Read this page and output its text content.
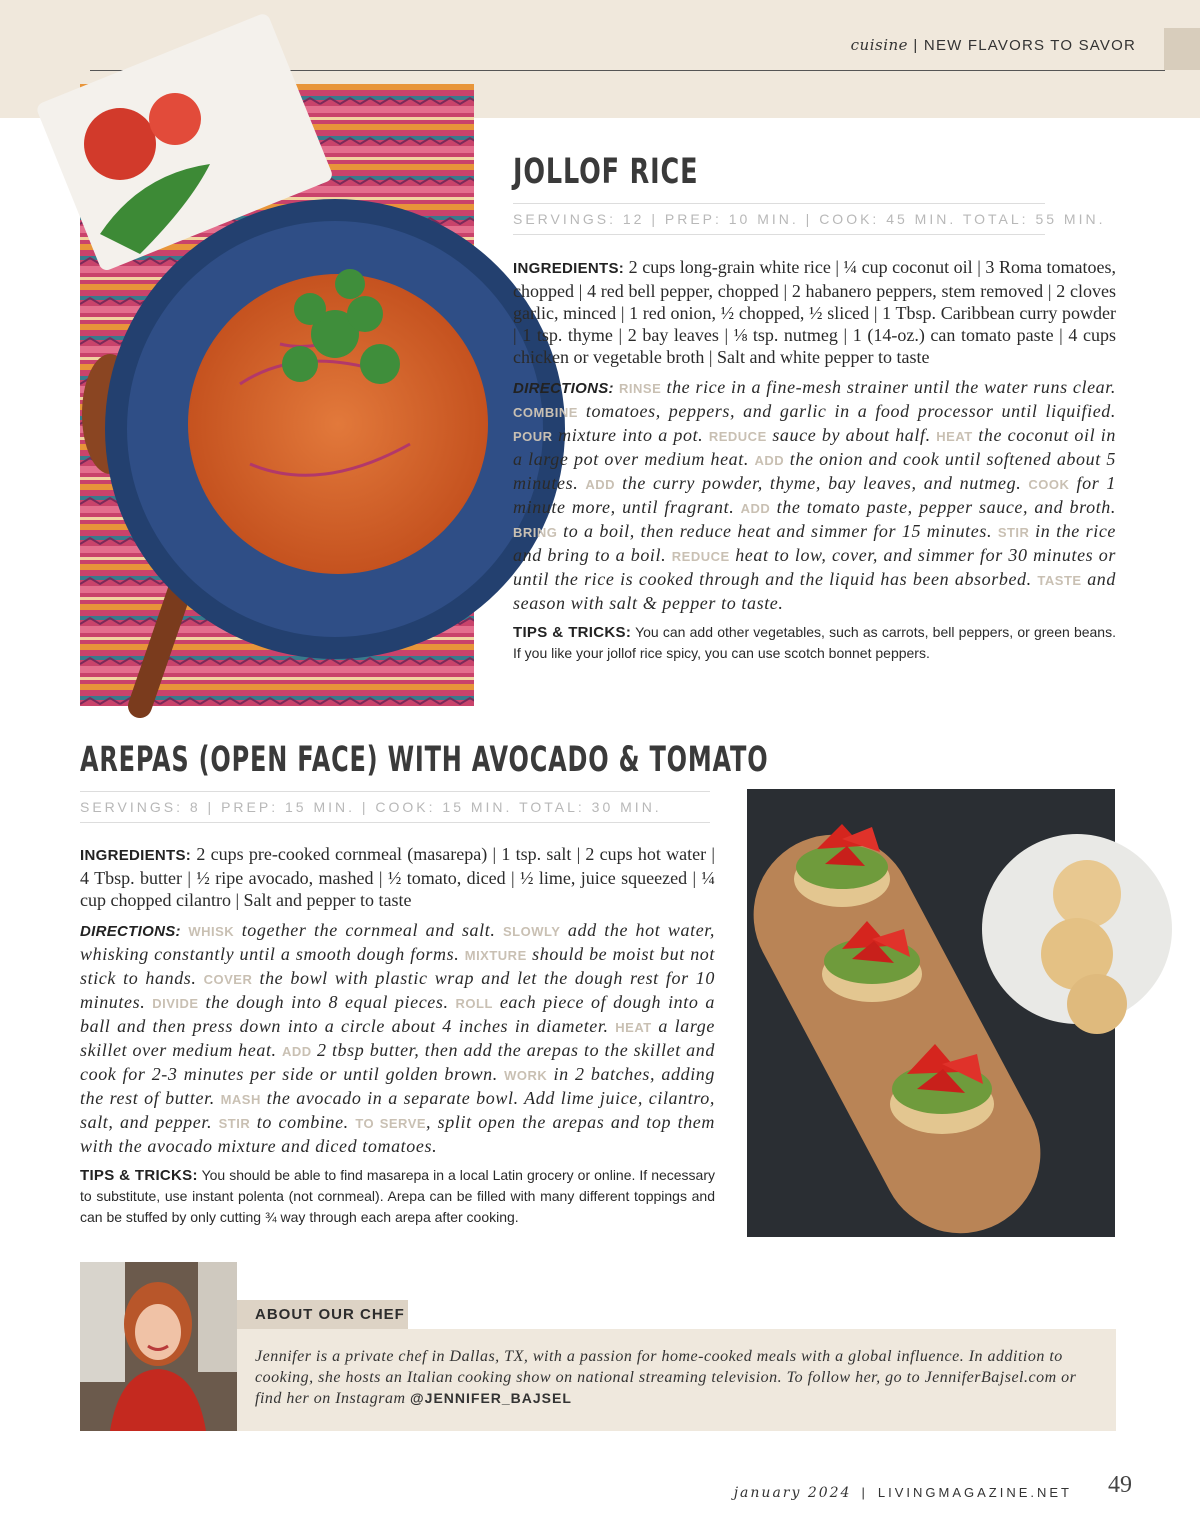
cuisine | NEW FLAVORS TO SAVOR
JOLLOF RICE
SERVINGS: 12 | PREP: 10 MIN. | COOK: 45 MIN. TOTAL: 55 MIN.

INGREDIENTS: 2 cups long-grain white rice | ¼ cup coconut oil | 3 Roma tomatoes, chopped | 4 red bell pepper, chopped | 2 habanero peppers, stem removed | 2 cloves garlic, minced | 1 red onion, ½ chopped, ½ sliced | 1 Tbsp. Caribbean curry powder | 1 tsp. thyme | 2 bay leaves | ⅛ tsp. nutmeg | 1 (14-oz.) can tomato paste | 4 cups chicken or vegetable broth | Salt and white pepper to taste

DIRECTIONS: RINSE the rice in a fine-mesh strainer until the water runs clear. COMBINE tomatoes, peppers, and garlic in a food processor until liquified. POUR mixture into a pot. REDUCE sauce by about half. HEAT the coconut oil in a large pot over medium heat. ADD the onion and cook until softened about 5 minutes. ADD the curry powder, thyme, bay leaves, and nutmeg. COOK for 1 minute more, until fragrant. ADD the tomato paste, pepper sauce, and broth. BRING to a boil, then reduce heat and simmer for 15 minutes. STIR in the rice and bring to a boil. REDUCE heat to low, cover, and simmer for 30 minutes or until the rice is cooked through and the liquid has been absorbed. TASTE and season with salt & pepper to taste.

TIPS & TRICKS: You can add other vegetables, such as carrots, bell peppers, or green beans. If you like your jollof rice spicy, you can use scotch bonnet peppers.

AREPAS (OPEN FACE) WITH AVOCADO & TOMATO
SERVINGS: 8 | PREP: 15 MIN. | COOK: 15 MIN. TOTAL: 30 MIN.

INGREDIENTS: 2 cups pre-cooked cornmeal (masarepa) | 1 tsp. salt | 2 cups hot water | 4 Tbsp. butter | ½ ripe avocado, mashed | ½ tomato, diced | ½ lime, juice squeezed | ¼ cup chopped cilantro | Salt and pepper to taste

DIRECTIONS: WHISK together the cornmeal and salt. SLOWLY add the hot water, whisking constantly until a smooth dough forms. MIXTURE should be moist but not stick to hands. COVER the bowl with plastic wrap and let the dough rest for 10 minutes. DIVIDE the dough into 8 equal pieces. ROLL each piece of dough into a ball and then press down into a circle about 4 inches in diameter. HEAT a large skillet over medium heat. ADD 2 tbsp butter, then add the arepas to the skillet and cook for 2-3 minutes per side or until golden brown. WORK in 2 batches, adding the rest of butter. MASH the avocado in a separate bowl. Add lime juice, cilantro, salt, and pepper. STIR to combine. TO SERVE, split open the arepas and top them with the avocado mixture and diced tomatoes.

TIPS & TRICKS: You should be able to find masarepa in a local Latin grocery or online. If necessary to substitute, use instant polenta (not cornmeal). Arepa can be filled with many different toppings and can be stuffed by only cutting ¾ way through each arepa after cooking.

ABOUT OUR CHEF

Jennifer is a private chef in Dallas, TX, with a passion for home-cooked meals with a global influence. In addition to cooking, she hosts an Italian cooking show on national streaming television. To follow her, go to JenniferBajsel.com or find her on Instagram @JENNIFER_BAJSEL

january 2024 | LIVINGMAGAZINE.NET 49
